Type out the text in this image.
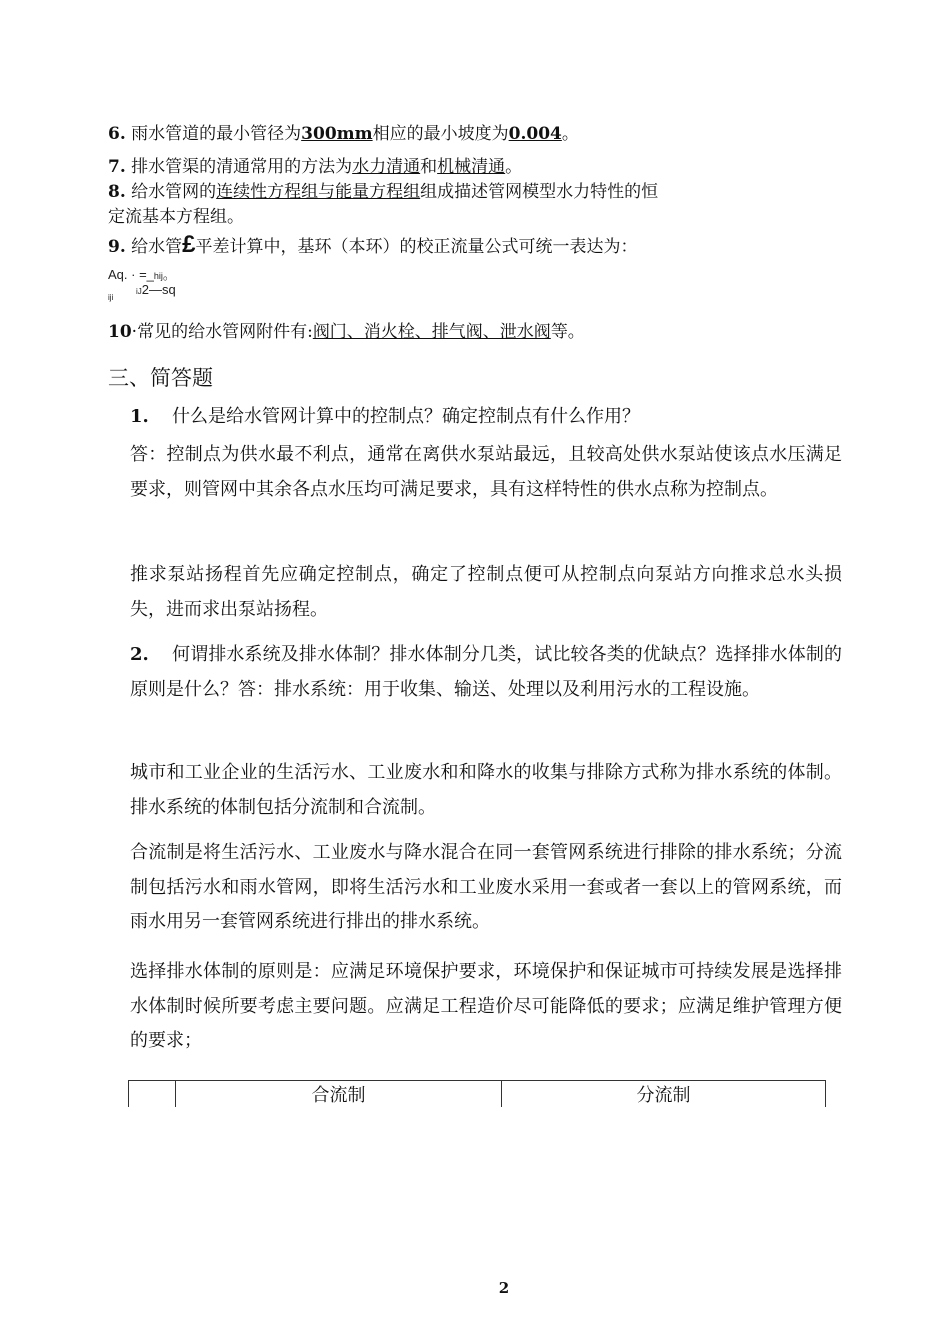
6. 雨水管道的最小管径为300mm相应的最小坡度为0.004。
7. 排水管渠的清通常用的方法为水力清通和机械清通。
8. 给水管网的连续性方程组与能量方程组组成描述管网模型水力特性的恒
定流基本方程组。
9. 给水管£平差计算中，基环（本环）的校正流量公式可统一表达为：
Aq. · =_hij。
iJ2—sq
iji
10·常见的给水管网附件有:阀门、消火栓、排气阀、泄水阀等。
三、简答题
1. 什么是给水管网计算中的控制点？确定控制点有什么作用？
答：控制点为供水最不利点，通常在离供水泵站最远，且较高处供水泵站使该点水压满足要求，则管网中其余各点水压均可满足要求，具有这样特性的供水点称为控制点。
推求泵站扬程首先应确定控制点，确定了控制点便可从控制点向泵站方向推求总水头损失，进而求出泵站扬程。
2. 何谓排水系统及排水体制？排水体制分几类，试比较各类的优缺点？选择排水体制的原则是什么？答：排水系统：用于收集、输送、处理以及利用污水的工程设施。
城市和工业企业的生活污水、工业废水和和降水的收集与排除方式称为排水系统的体制。排水系统的体制包括分流制和合流制。
合流制是将生活污水、工业废水与降水混合在同一套管网系统进行排除的排水系统；分流制包括污水和雨水管网，即将生活污水和工业废水采用一套或者一套以上的管网系统，而雨水用另一套管网系统进行排出的排水系统。
选择排水体制的原则是：应满足环境保护要求，环境保护和保证城市可持续发展是选择排水体制时候所要考虑主要问题。应满足工程造价尽可能降低的要求；应满足维护管理方便的要求；
	合流制	分流制
2
